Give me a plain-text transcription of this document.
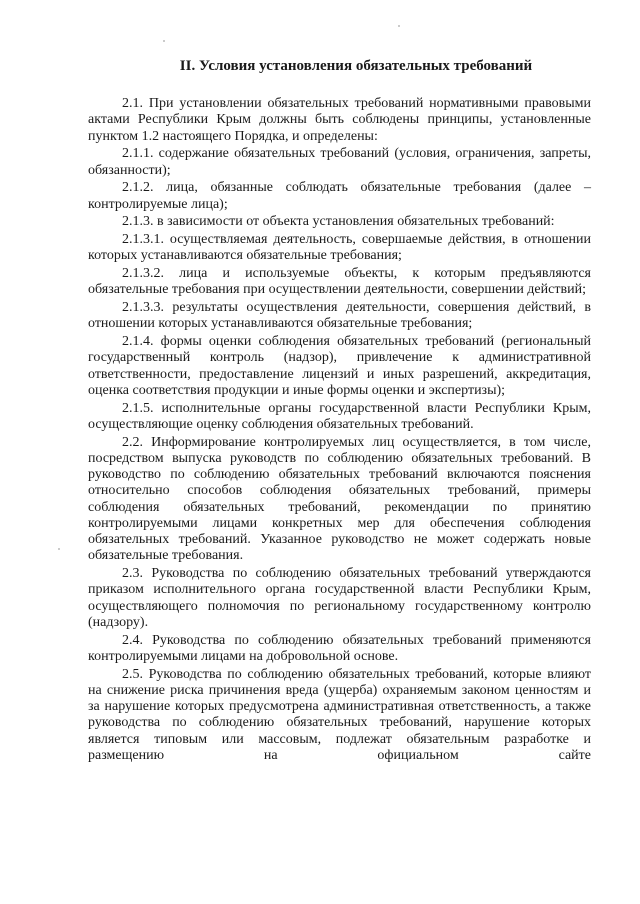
II. Условия установления обязательных требований

2.1. При установлении обязательных требований нормативными правовыми актами Республики Крым должны быть соблюдены принципы, установленные пунктом 1.2 настоящего Порядка, и определены:

2.1.1. содержание обязательных требований (условия, ограничения, запреты, обязанности);

2.1.2. лица, обязанные соблюдать обязательные требования (далее – контролируемые лица);

2.1.3. в зависимости от объекта установления обязательных требований:

2.1.3.1. осуществляемая деятельность, совершаемые действия, в отношении которых устанавливаются обязательные требования;

2.1.3.2. лица и используемые объекты, к которым предъявляются обязательные требования при осуществлении деятельности, совершении действий;

2.1.3.3. результаты осуществления деятельности, совершения действий, в отношении которых устанавливаются обязательные требования;

2.1.4. формы оценки соблюдения обязательных требований (региональный государственный контроль (надзор), привлечение к административной ответственности, предоставление лицензий и иных разрешений, аккредитация, оценка соответствия продукции и иные формы оценки и экспертизы);

2.1.5. исполнительные органы государственной власти Республики Крым, осуществляющие оценку соблюдения обязательных требований.

2.2. Информирование контролируемых лиц осуществляется, в том числе, посредством выпуска руководств по соблюдению обязательных требований. В руководство по соблюдению обязательных требований включаются пояснения относительно способов соблюдения обязательных требований, примеры соблюдения обязательных требований, рекомендации по принятию контролируемыми лицами конкретных мер для обеспечения соблюдения обязательных требований. Указанное руководство не может содержать новые обязательные требования.

2.3. Руководства по соблюдению обязательных требований утверждаются приказом исполнительного органа государственной власти Республики Крым, осуществляющего полномочия по региональному государственному контролю (надзору).

2.4. Руководства по соблюдению обязательных требований применяются контролируемыми лицами на добровольной основе.

2.5. Руководства по соблюдению обязательных требований, которые влияют на снижение риска причинения вреда (ущерба) охраняемым законом ценностям и за нарушение которых предусмотрена административная ответственность, а также руководства по соблюдению обязательных требований, нарушение которых является типовым или массовым, подлежат обязательным разработке и размещению на официальном сайте
